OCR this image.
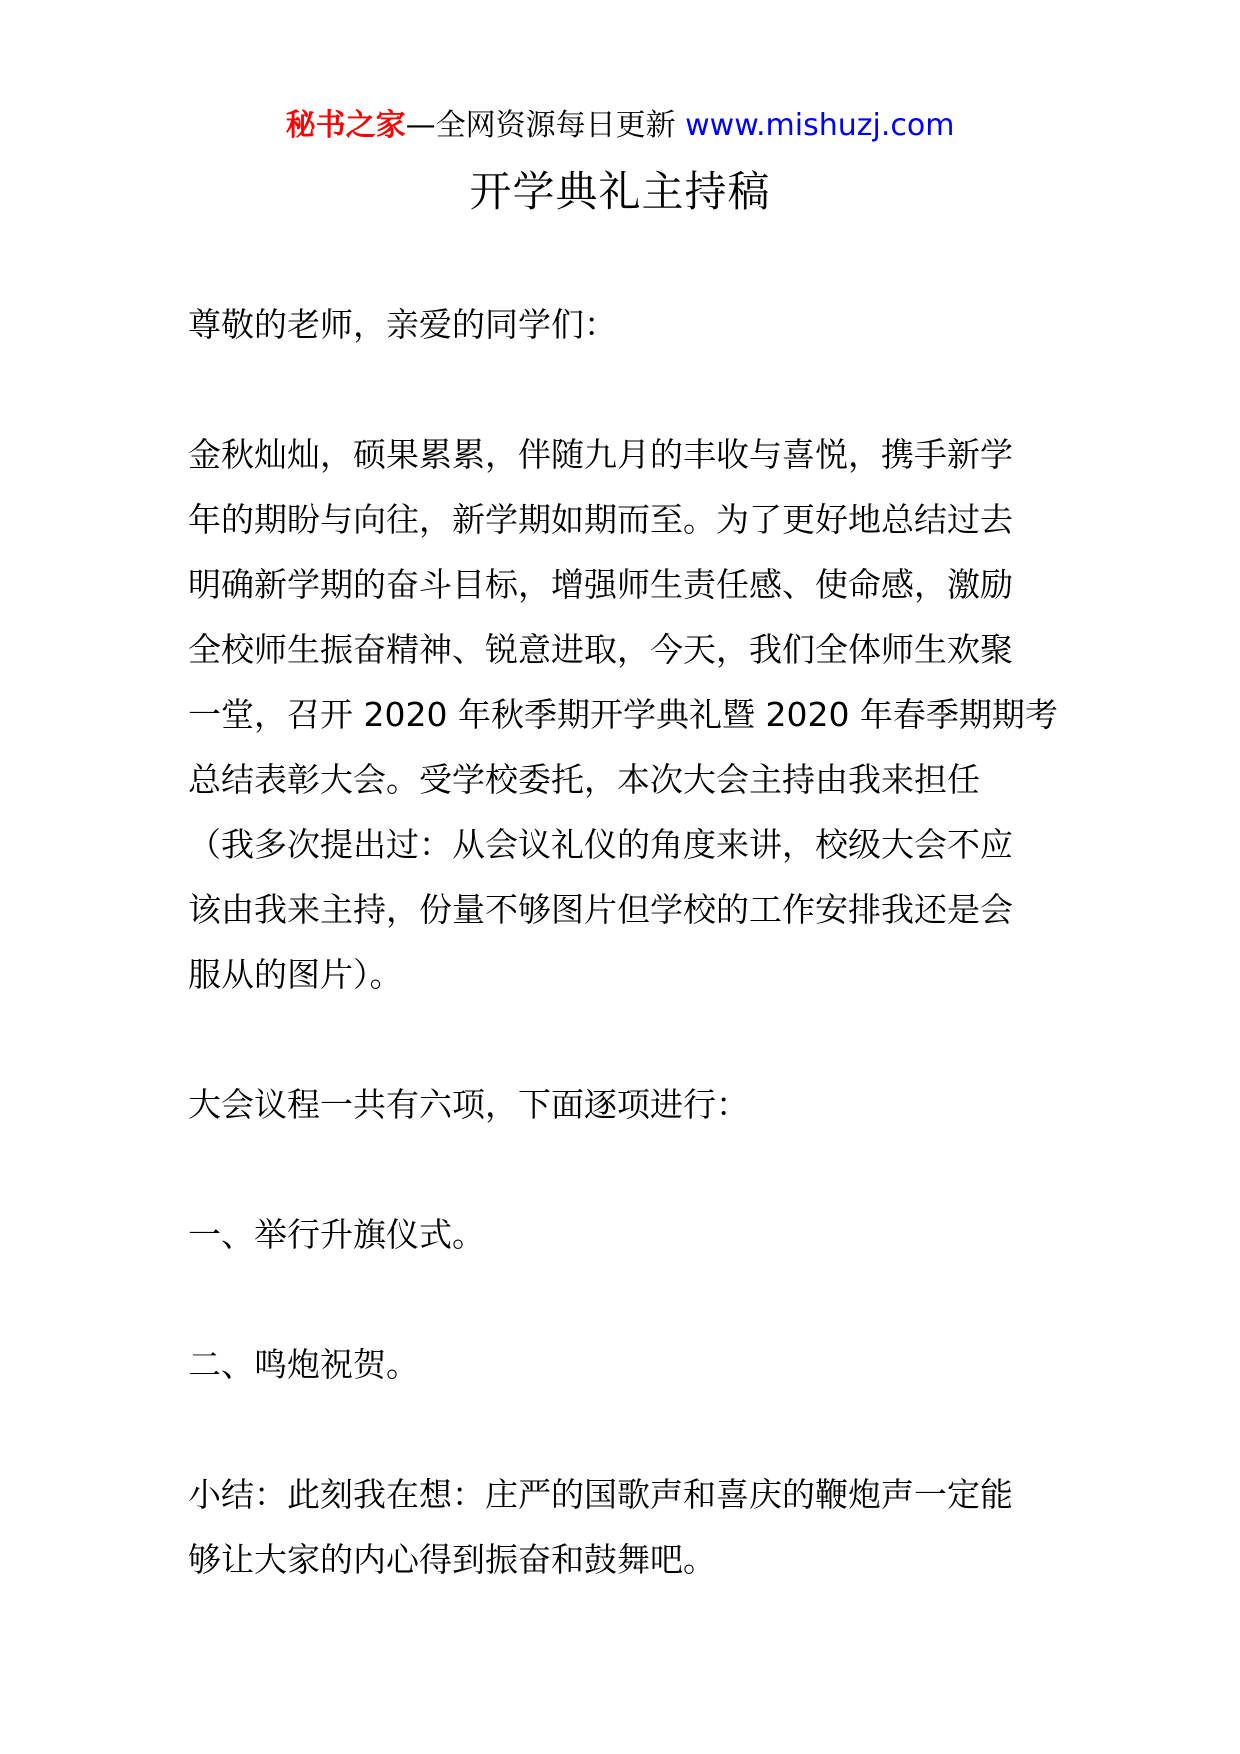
秘书之家—全网资源每日更新 www.mishuzj.com
开学典礼主持稿

尊敬的老师，亲爱的同学们：

金秋灿灿，硕果累累，伴随九月的丰收与喜悦，携手新学
年的期盼与向往，新学期如期而至。为了更好地总结过去
明确新学期的奋斗目标，增强师生责任感、使命感，激励
全校师生振奋精神、锐意进取，今天，我们全体师生欢聚
一堂，召开 2020 年秋季期开学典礼暨 2020 年春季期期考
总结表彰大会。受学校委托，本次大会主持由我来担任
（我多次提出过：从会议礼仪的角度来讲，校级大会不应
该由我来主持，份量不够图片但学校的工作安排我还是会
服从的图片）。

大会议程一共有六项，下面逐项进行：

一、举行升旗仪式。

二、鸣炮祝贺。

小结：此刻我在想：庄严的国歌声和喜庆的鞭炮声一定能
够让大家的内心得到振奋和鼓舞吧。
